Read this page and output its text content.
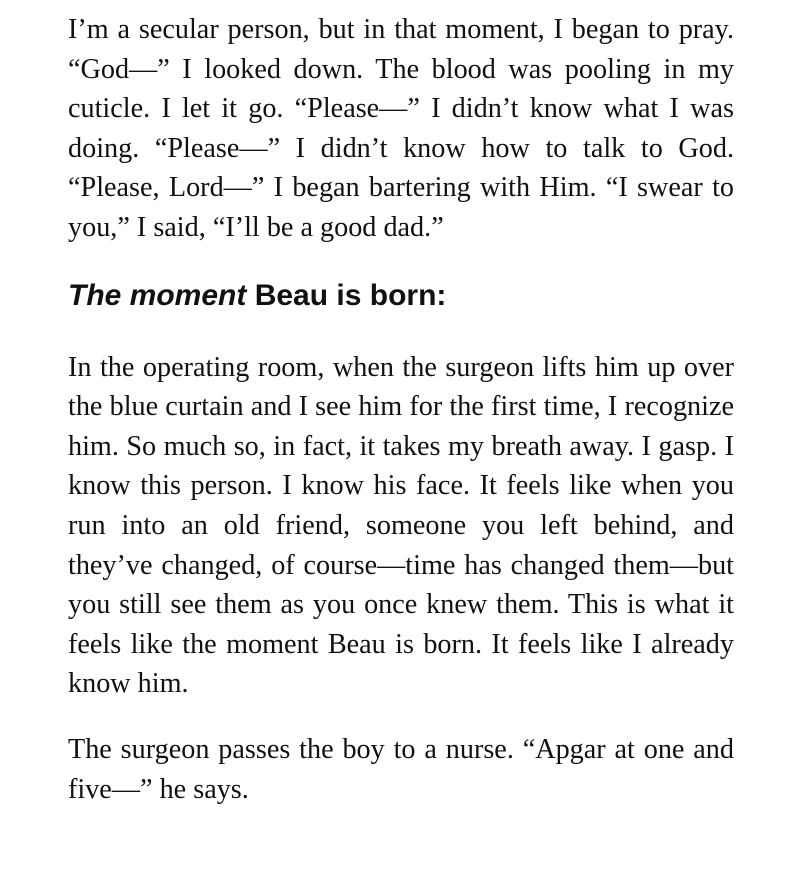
I’m a secular person, but in that moment, I began to pray. “God—” I looked down. The blood was pooling in my cuticle. I let it go. “Please—” I didn’t know what I was doing. “Please—” I didn’t know how to talk to God. “Please, Lord—” I began bartering with Him. “I swear to you,” I said, “I’ll be a good dad.”

The moment Beau is born:

In the operating room, when the surgeon lifts him up over the blue curtain and I see him for the first time, I recognize him. So much so, in fact, it takes my breath away. I gasp. I know this person. I know his face. It feels like when you run into an old friend, someone you left behind, and they’ve changed, of course—time has changed them—but you still see them as you once knew them. This is what it feels like the moment Beau is born. It feels like I already know him.

The surgeon passes the boy to a nurse. “Apgar at one and five—” he says.
